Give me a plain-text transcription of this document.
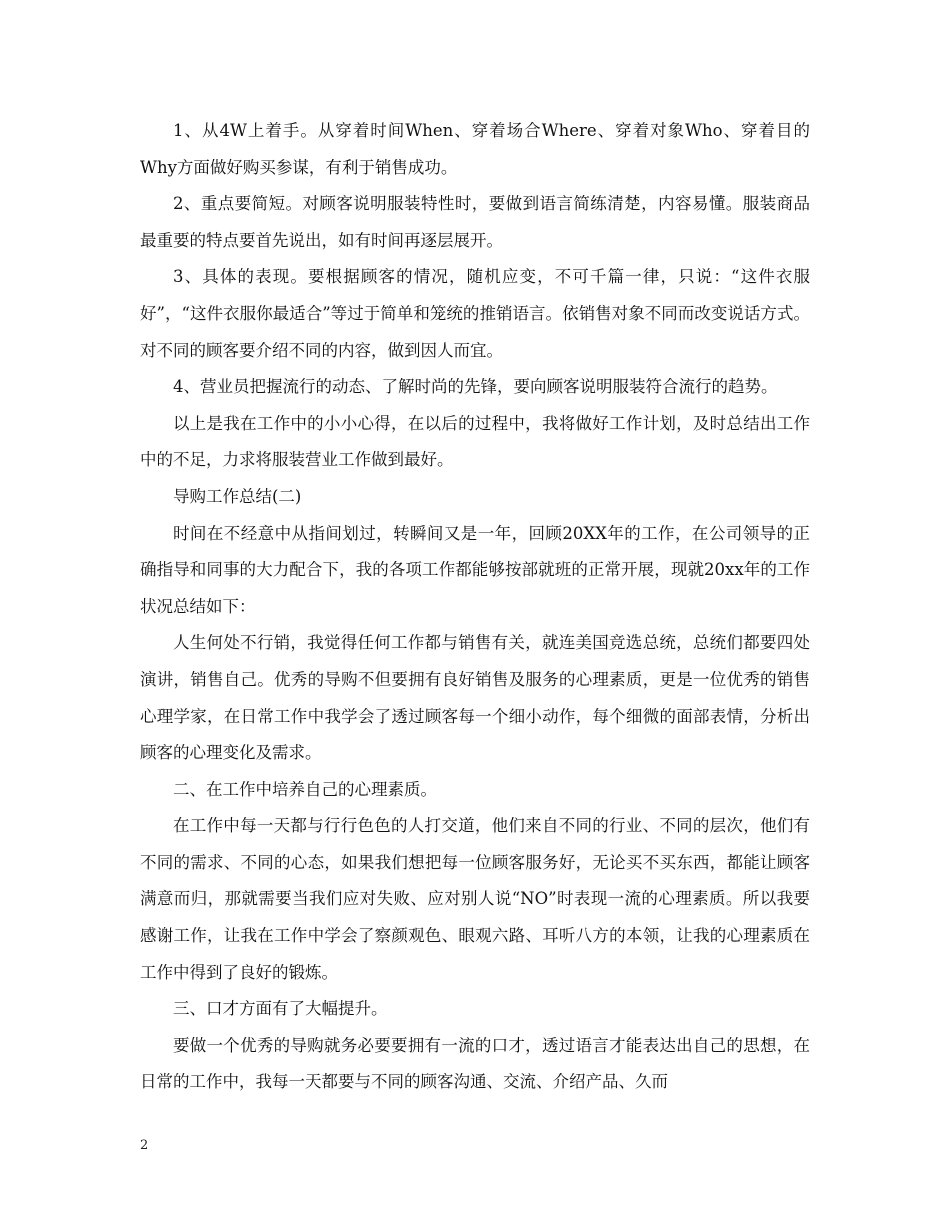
1、从4W上着手。从穿着时间When、穿着场合Where、穿着对象Who、穿着目的Why方面做好购买参谋，有利于销售成功。

2、重点要简短。对顾客说明服装特性时，要做到语言简练清楚，内容易懂。服装商品最重要的特点要首先说出，如有时间再逐层展开。

3、具体的表现。要根据顾客的情况，随机应变，不可千篇一律，只说：“这件衣服好”，“这件衣服你最适合”等过于简单和笼统的推销语言。依销售对象不同而改变说话方式。对不同的顾客要介绍不同的内容，做到因人而宜。

4、营业员把握流行的动态、了解时尚的先锋，要向顾客说明服装符合流行的趋势。

以上是我在工作中的小小心得，在以后的过程中，我将做好工作计划，及时总结出工作中的不足，力求将服装营业工作做到最好。

导购工作总结(二)

时间在不经意中从指间划过，转瞬间又是一年，回顾20XX年的工作，在公司领导的正确指导和同事的大力配合下，我的各项工作都能够按部就班的正常开展，现就20xx年的工作状况总结如下：

人生何处不行销，我觉得任何工作都与销售有关，就连美国竞选总统，总统们都要四处演讲，销售自己。优秀的导购不但要拥有良好销售及服务的心理素质，更是一位优秀的销售心理学家，在日常工作中我学会了透过顾客每一个细小动作，每个细微的面部表情，分析出顾客的心理变化及需求。

二、在工作中培养自己的心理素质。

在工作中每一天都与行行色色的人打交道，他们来自不同的行业、不同的层次，他们有不同的需求、不同的心态，如果我们想把每一位顾客服务好，无论买不买东西，都能让顾客满意而归，那就需要当我们应对失败、应对别人说“NO”时表现一流的心理素质。所以我要感谢工作，让我在工作中学会了察颜观色、眼观六路、耳听八方的本领，让我的心理素质在工作中得到了良好的锻炼。

三、口才方面有了大幅提升。

要做一个优秀的导购就务必要要拥有一流的口才，透过语言才能表达出自己的思想，在日常的工作中，我每一天都要与不同的顾客沟通、交流、介绍产品、久而

2
